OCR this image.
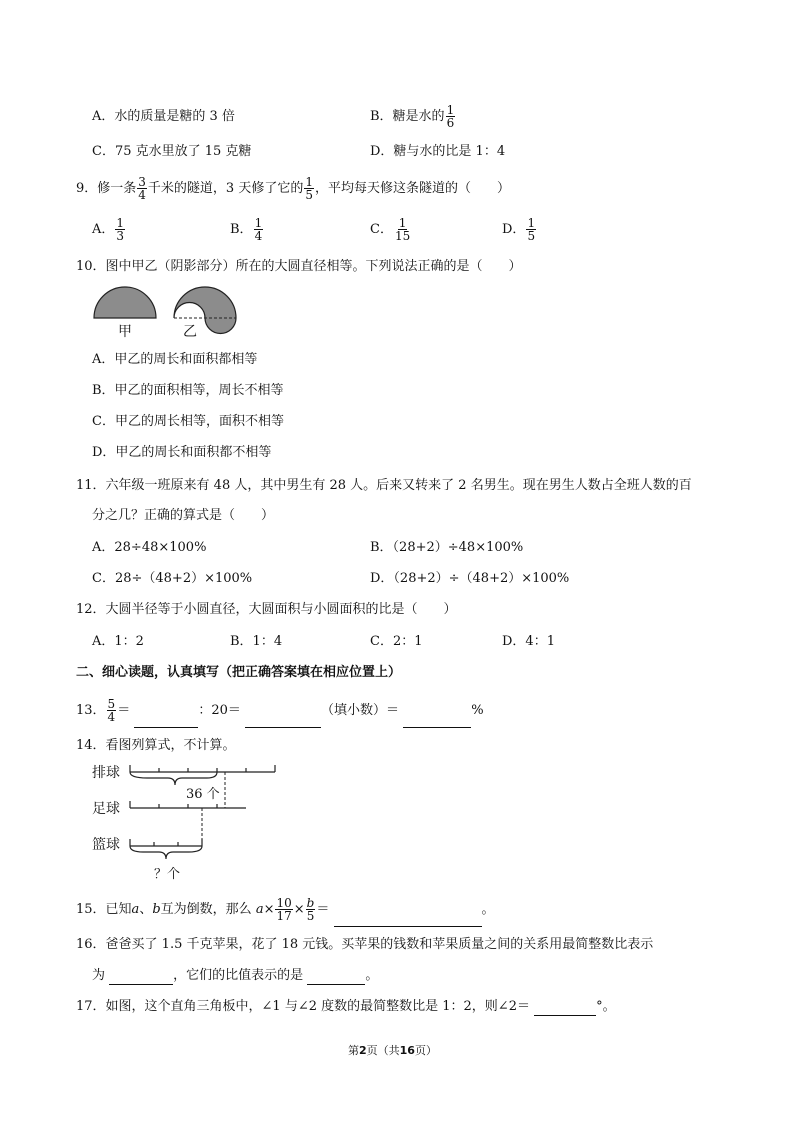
A．水的质量是糖的 3 倍	B．糖是水的 $\frac{1}{6}$
C．75 克水里放了 15 克糖	D．糖与水的比是 1：4
9．修一条 $\frac{3}{4}$ 千米的隧道，3 天修了它的 $\frac{1}{5}$ ，平均每天修这条隧道的（　　）
A． $\frac{1}{3}$	B． $\frac{1}{4}$	C． $\frac{1}{15}$	D． $\frac{1}{5}$
10．图中甲乙（阴影部分）所在的大圆直径相等。下列说法正确的是（　　）
甲	乙
A．甲乙的周长和面积都相等
B．甲乙的面积相等，周长不相等
C．甲乙的周长相等，面积不相等
D．甲乙的周长和面积都不相等
11．六年级一班原来有 48 人，其中男生有 28 人。后来又转来了 2 名男生。现在男生人数占全班人数的百
分之几？正确的算式是（　　）
A．28÷48×100%	B．（28+2）÷48×100%
C．28÷（48+2）×100%	D．（28+2）÷（48+2）×100%
12．大圆半径等于小圆直径，大圆面积与小圆面积的比是（　　）
A．1：2	B．1：4	C．2：1	D．4：1
二、细心读题，认真填写（把正确答案填在相应位置上）
13． $\frac{5}{4}$ ＝	：20＝	（填小数）＝	%
14．看图列算式，不计算。
排球
足球
篮球
36 个
？个
15．已知a、b互为倒数，那么 $a\times \frac{10}{17} \times \frac{b}{5}$ ＝	。
16．爸爸买了 1.5 千克苹果，花了 18 元钱。买苹果的钱数和苹果质量之间的关系用最简整数比表示
为	，它们的比值表示的是	。
17．如图，这个直角三角板中，∠1 与∠2 度数的最简整数比是 1：2，则∠2＝	°。
第2页（共16页）
